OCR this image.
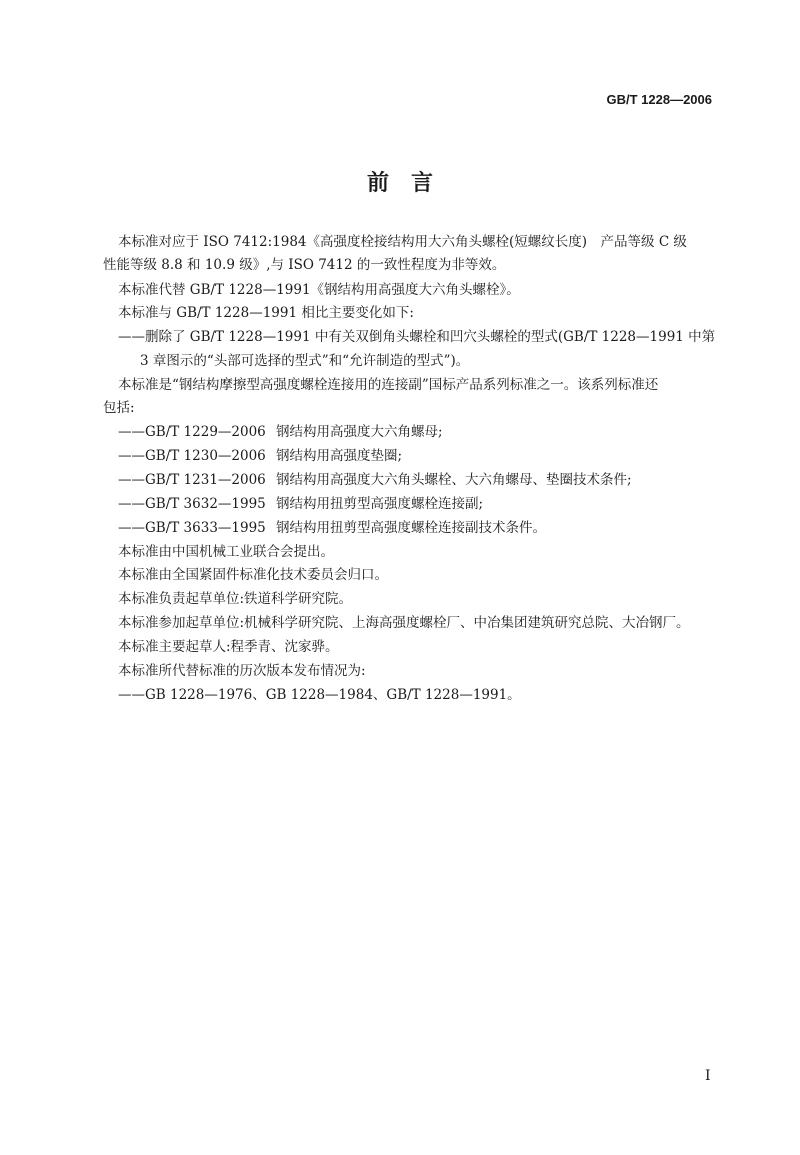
GB/T 1228—2006
前言
本标准对应于 ISO 7412:1984《高强度栓接结构用大六角头螺栓(短螺纹长度)　产品等级 C 级
性能等级 8.8 和 10.9 级》,与 ISO 7412 的一致性程度为非等效。
本标准代替 GB/T 1228—1991《钢结构用高强度大六角头螺栓》。
本标准与 GB/T 1228—1991 相比主要变化如下:
——删除了 GB/T 1228—1991 中有关双倒角头螺栓和凹穴头螺栓的型式(GB/T 1228—1991 中第
3 章图示的“头部可选择的型式”和“允许制造的型式”)。
本标准是“钢结构摩擦型高强度螺栓连接用的连接副”国标产品系列标准之一。该系列标准还
包括:
——GB/T 1229—2006 钢结构用高强度大六角螺母;
——GB/T 1230—2006 钢结构用高强度垫圈;
——GB/T 1231—2006 钢结构用高强度大六角头螺栓、大六角螺母、垫圈技术条件;
——GB/T 3632—1995 钢结构用扭剪型高强度螺栓连接副;
——GB/T 3633—1995 钢结构用扭剪型高强度螺栓连接副技术条件。
本标准由中国机械工业联合会提出。
本标准由全国紧固件标准化技术委员会归口。
本标准负责起草单位:铁道科学研究院。
本标准参加起草单位:机械科学研究院、上海高强度螺栓厂、中冶集团建筑研究总院、大冶钢厂。
本标准主要起草人:程季青、沈家骅。
本标准所代替标准的历次版本发布情况为:
——GB 1228—1976、GB 1228—1984、GB/T 1228—1991。
I
